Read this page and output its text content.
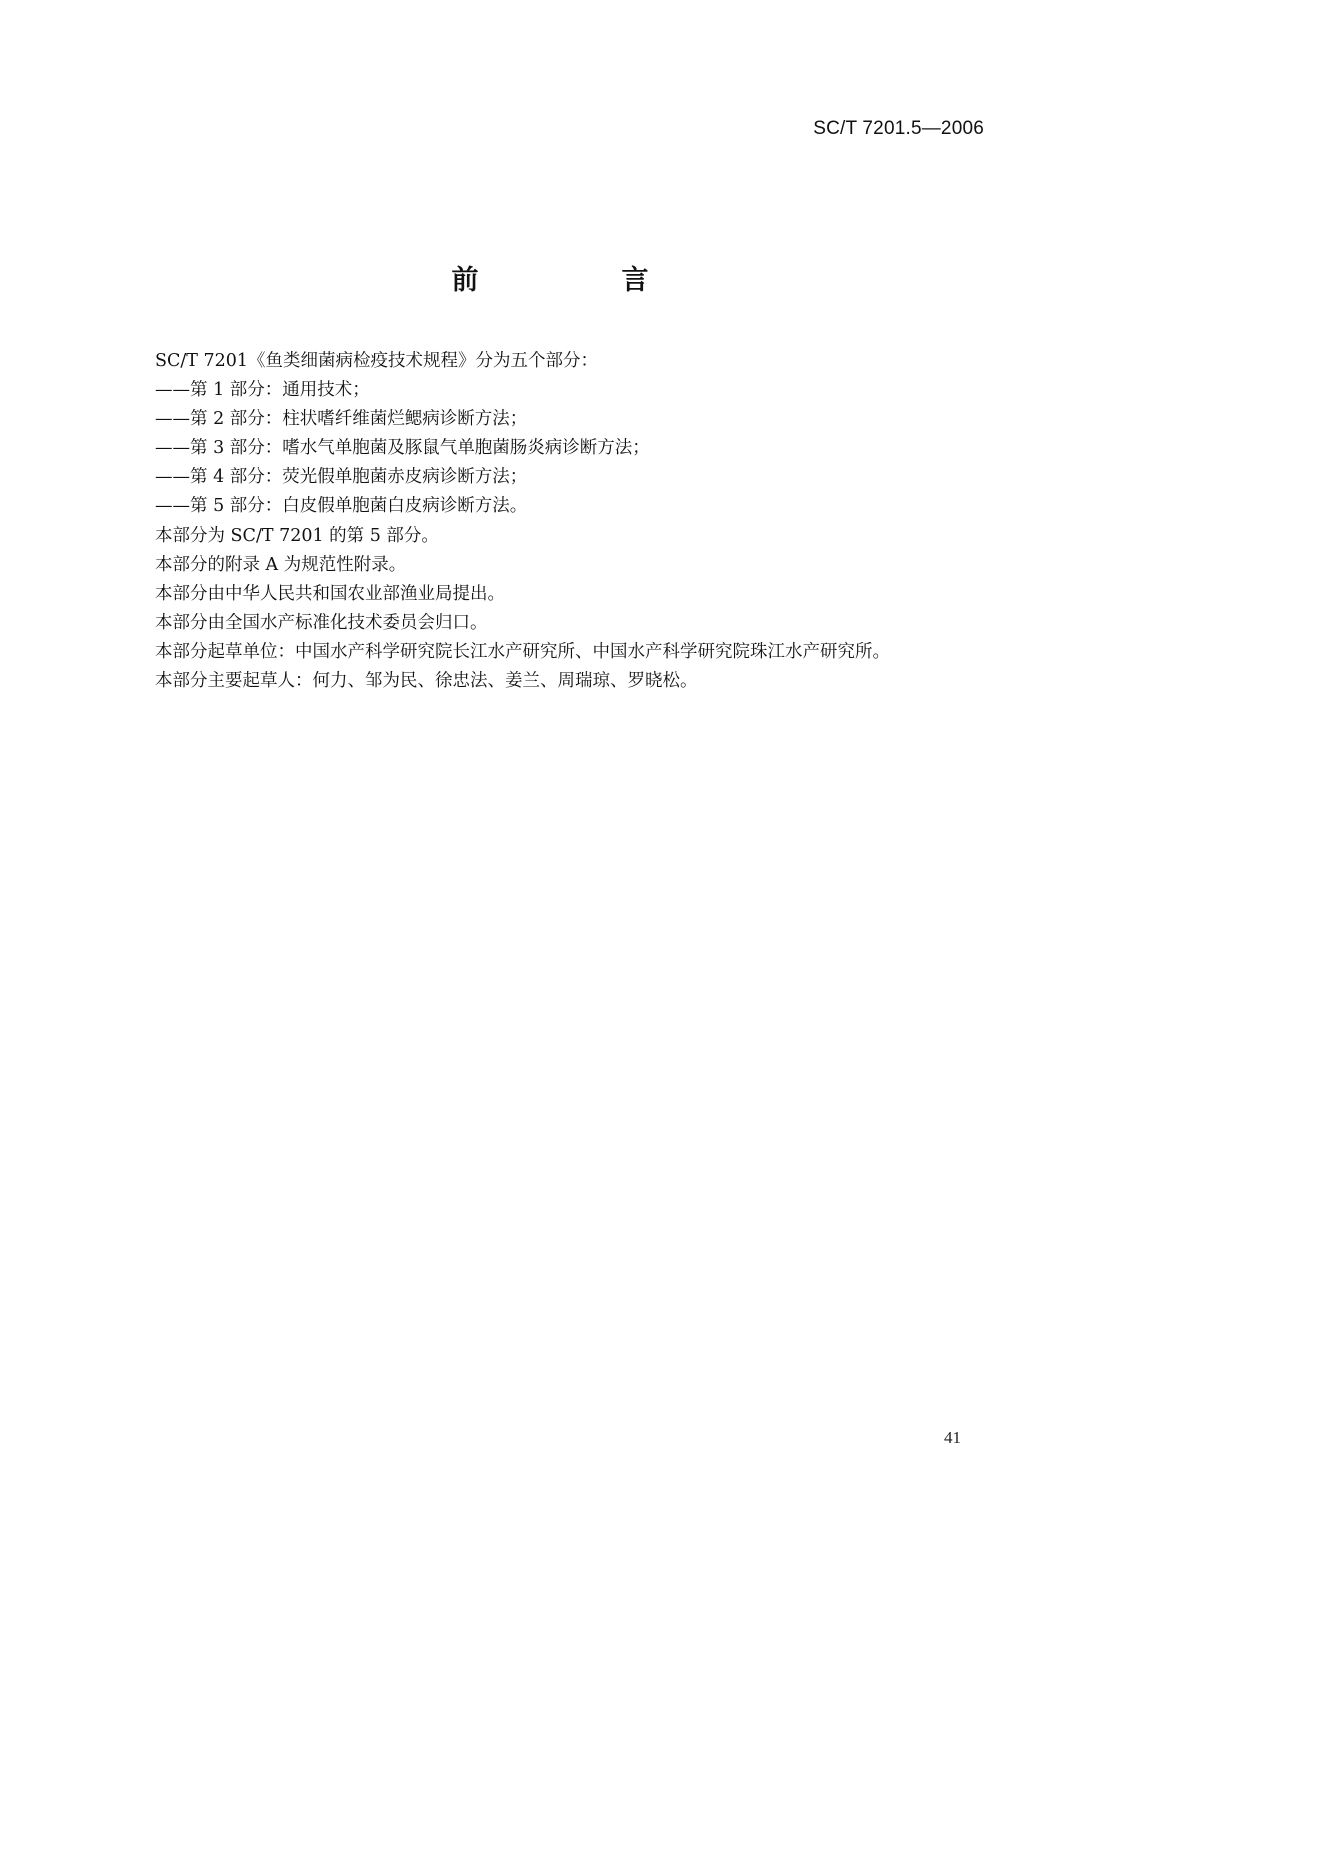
SC/T 7201.5—2006
前　言
SC/T 7201《鱼类细菌病检疫技术规程》分为五个部分：
——第 1 部分：通用技术；
——第 2 部分：柱状嗜纤维菌烂鳃病诊断方法；
——第 3 部分：嗜水气单胞菌及豚鼠气单胞菌肠炎病诊断方法；
——第 4 部分：荧光假单胞菌赤皮病诊断方法；
——第 5 部分：白皮假单胞菌白皮病诊断方法。
本部分为 SC/T 7201 的第 5 部分。
本部分的附录 A 为规范性附录。
本部分由中华人民共和国农业部渔业局提出。
本部分由全国水产标准化技术委员会归口。
本部分起草单位：中国水产科学研究院长江水产研究所、中国水产科学研究院珠江水产研究所。
本部分主要起草人：何力、邹为民、徐忠法、姜兰、周瑞琼、罗晓松。
41
